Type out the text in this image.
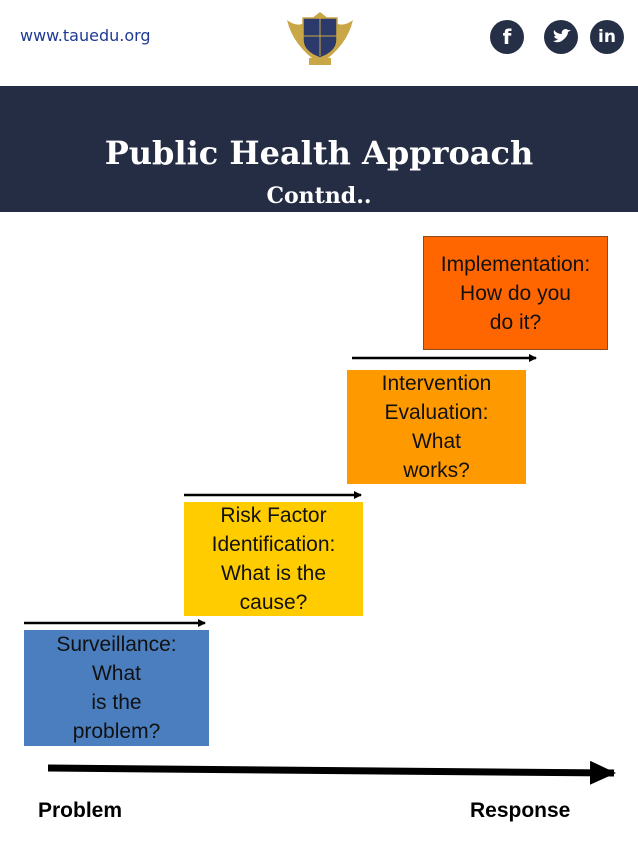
www.tauedu.org	f	in
Public Health Approach
Contnd..
Surveillance:
What
is the
problem?
Risk Factor
Identification:
What is the
cause?
Intervention
Evaluation:
What
works?
Implementation:
How do you
do it?
Problem	Response
